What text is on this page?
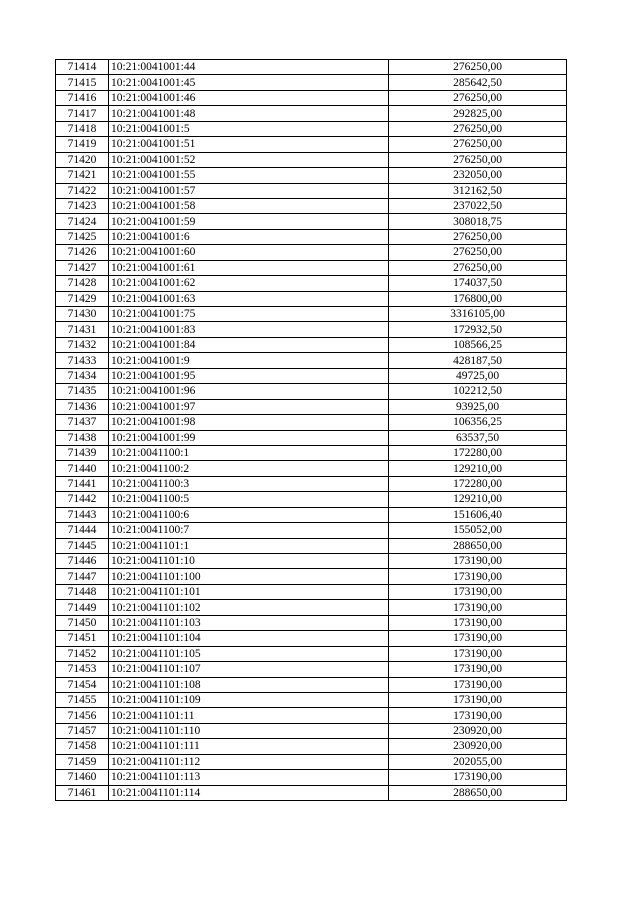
71414	10:21:0041001:44	276250,00
71415	10:21:0041001:45	285642,50
71416	10:21:0041001:46	276250,00
71417	10:21:0041001:48	292825,00
71418	10:21:0041001:5	276250,00
71419	10:21:0041001:51	276250,00
71420	10:21:0041001:52	276250,00
71421	10:21:0041001:55	232050,00
71422	10:21:0041001:57	312162,50
71423	10:21:0041001:58	237022,50
71424	10:21:0041001:59	308018,75
71425	10:21:0041001:6	276250,00
71426	10:21:0041001:60	276250,00
71427	10:21:0041001:61	276250,00
71428	10:21:0041001:62	174037,50
71429	10:21:0041001:63	176800,00
71430	10:21:0041001:75	3316105,00
71431	10:21:0041001:83	172932,50
71432	10:21:0041001:84	108566,25
71433	10:21:0041001:9	428187,50
71434	10:21:0041001:95	49725,00
71435	10:21:0041001:96	102212,50
71436	10:21:0041001:97	93925,00
71437	10:21:0041001:98	106356,25
71438	10:21:0041001:99	63537,50
71439	10:21:0041100:1	172280,00
71440	10:21:0041100:2	129210,00
71441	10:21:0041100:3	172280,00
71442	10:21:0041100:5	129210,00
71443	10:21:0041100:6	151606,40
71444	10:21:0041100:7	155052,00
71445	10:21:0041101:1	288650,00
71446	10:21:0041101:10	173190,00
71447	10:21:0041101:100	173190,00
71448	10:21:0041101:101	173190,00
71449	10:21:0041101:102	173190,00
71450	10:21:0041101:103	173190,00
71451	10:21:0041101:104	173190,00
71452	10:21:0041101:105	173190,00
71453	10:21:0041101:107	173190,00
71454	10:21:0041101:108	173190,00
71455	10:21:0041101:109	173190,00
71456	10:21:0041101:11	173190,00
71457	10:21:0041101:110	230920,00
71458	10:21:0041101:111	230920,00
71459	10:21:0041101:112	202055,00
71460	10:21:0041101:113	173190,00
71461	10:21:0041101:114	288650,00
